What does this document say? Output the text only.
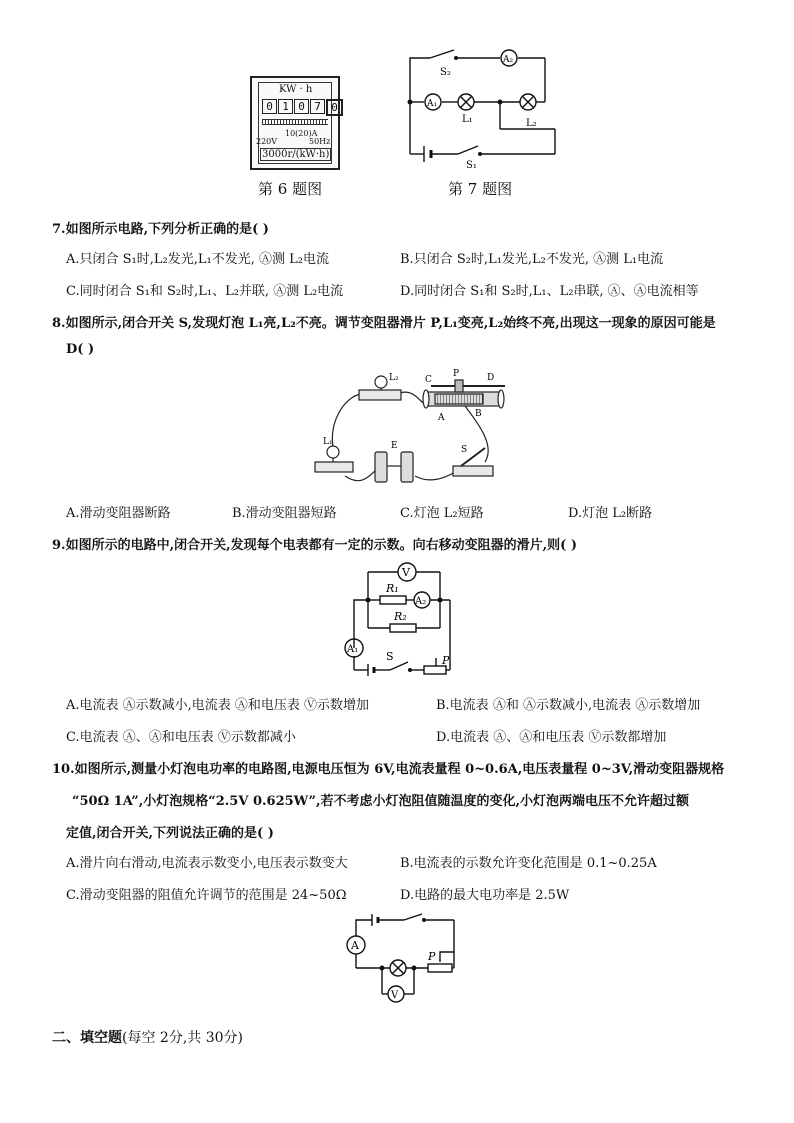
KW · h
0 1 0 7 0
10(20)A
220V	50Hz
3000r/(kW·h)
第 6 题图
S₂
A₂
A₁
L₁	L₂
S₁
第 7 题图
7.如图所示电路,下列分析正确的是( )
A.只闭合 S₁时,L₂发光,L₁不发光, Ⓐ测 L₂电流	B.只闭合 S₂时,L₁发光,L₂不发光, Ⓐ测 L₁电流
C.同时闭合 S₁和 S₂时,L₁、L₂并联, Ⓐ测 L₂电流	D.同时闭合 S₁和 S₂时,L₁、L₂串联, Ⓐ、Ⓐ电流相等
8.如图所示,闭合开关 S,发现灯泡 L₁亮,L₂不亮。调节变阻器滑片 P,L₁变亮,L₂始终不亮,出现这一现象的原因可能是
D( )
L₂	C
P	D
A	B
L₁	E	S
A.滑动变阻器断路	B.滑动变阻器短路	C.灯泡 L₂短路	D.灯泡 L₂断路
9.如图所示的电路中,闭合开关,发现每个电表都有一定的示数。向右移动变阻器的滑片,则( )
V
R₁
A₂
R₂
A₁
S	P
A.电流表 Ⓐ示数减小,电流表 Ⓐ和电压表 Ⓥ示数增加	B.电流表 Ⓐ和 Ⓐ示数减小,电流表 Ⓐ示数增加
C.电流表 Ⓐ、Ⓐ和电压表 Ⓥ示数都减小	D.电流表 Ⓐ、Ⓐ和电压表 Ⓥ示数都增加
10.如图所示,测量小灯泡电功率的电路图,电源电压恒为 6V,电流表量程 0~0.6A,电压表量程 0~3V,滑动变阻器规格
“50Ω 1A”,小灯泡规格“2.5V 0.625W”,若不考虑小灯泡阻值随温度的变化,小灯泡两端电压不允许超过额
定值,闭合开关,下列说法正确的是( )
A.滑片向右滑动,电流表示数变小,电压表示数变大	B.电流表的示数允许变化范围是 0.1~0.25A
C.滑动变阻器的阻值允许调节的范围是 24~50Ω	D.电路的最大电功率是 2.5W
A
P
V
二、填空题(每空 2分,共 30分)
